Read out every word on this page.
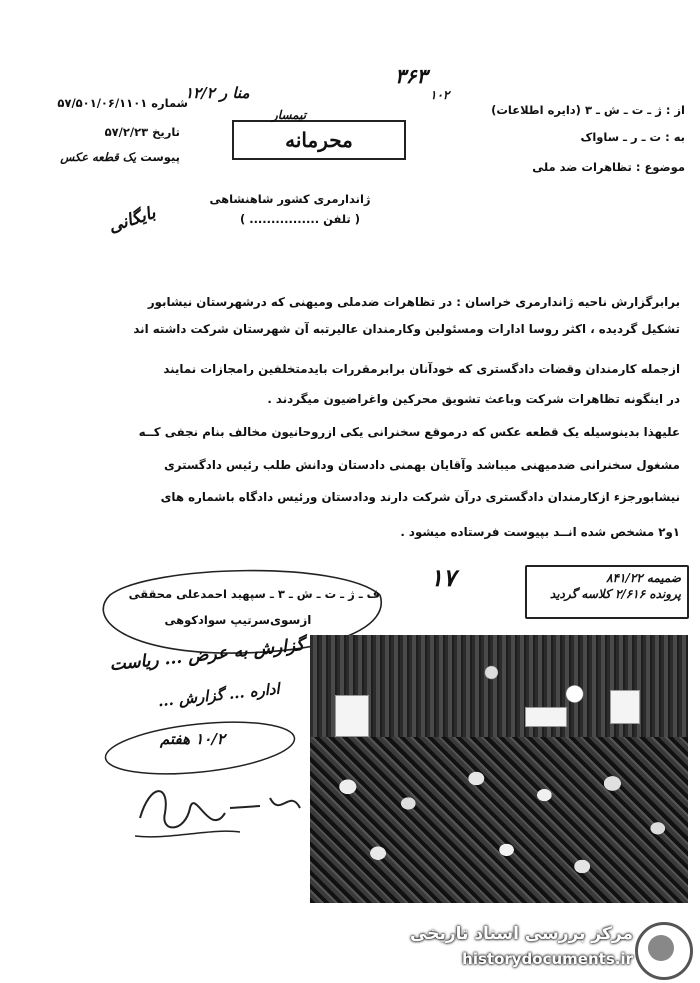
شماره ۵۷/۵۰۱/۰۶/۱۱۰۱
تاریخ ۵۷/۲/۲۳
پیوست یک قطعه عکس
منا ر ۱۲/۲
محرمانه
تیمسار
ژاندارمری کشور شاهنشاهی
( تلفن ................ )
۳۶۳
۱۰۲
از : ژ ـ ت ـ ش ـ ۳ (دایره اطلاعات)
به : ت ـ ر ـ ساواک
موضوع : تظاهرات ضد ملی
بایگانی
برابرگزارش ناحیه ژاندارمری خراسان : در تظاهرات ضدملی ومیهنی که درشهرستان نیشابور
تشکیل گردیده ، اکثر روسا ادارات ومسئولین وکارمندان عالیرتبه آن شهرستان شرکت داشته اند
ازجمله کارمندان وقضات دادگستری که خودآنان برابرمقررات بایدمتخلفین رامجازات نمایند
در اینگونه تظاهرات شرکت وباعث تشویق محرکین واغراضیون میگردند .
علیهذا بدینوسیله یک قطعه عکس که درموقع سخنرانی یکی ازروحانیون مخالف بنام نجفی کــه
مشغول سخنرانی ضدمیهنی میباشد وآقایان بهمنی دادستان ودانش طلب رئیس دادگستری
نیشابورجزء ازکارمندان دادگستری درآن شرکت دارند ودادستان ورئیس دادگاه باشماره های
۱و۲ مشخص شده انــد بپیوست فرستاده میشود .
ف ـ ژ ـ ت ـ ش ـ ۳ ـ سپهبد احمدعلی محققی
ازسوی
سرتیپ سوادکوهی
ضمیمه ۸۴۱/۲۲
پرونده ۲/۶۱۶ کلاسه گردید
۱۷
گزارش به عرض ... ریاست
اداره ... گزارش ...
۱۰/۲ هفتم
مرکز بررسی اسناد تاریخی
historydocuments.ir
